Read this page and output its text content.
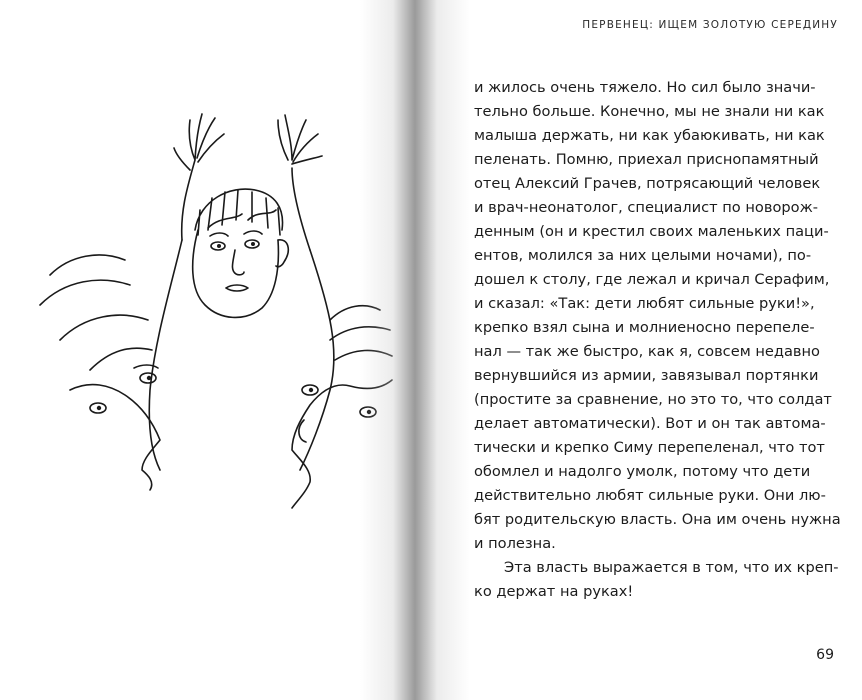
ПЕРВЕНЕЦ: ИЩЕМ ЗОЛОТУЮ СЕРЕДИНУ

и жилось очень тяжело. Но сил было значи-
тельно больше. Конечно, мы не знали ни как
малыша держать, ни как убаюкивать, ни как
пеленать. Помню, приехал приснопамятный
отец Алексий Грачев, потрясающий человек
и врач-неонатолог, специалист по новорож-
денным (он и крестил своих маленьких паци-
ентов, молился за них целыми ночами), по-
дошел к столу, где лежал и кричал Серафим,
и сказал: «Так: дети любят сильные руки!»,
крепко взял сына и молниеносно перепеле-
нал — так же быстро, как я, совсем недавно
вернувшийся из армии, завязывал портянки
(простите за сравнение, но это то, что солдат
делает автоматически). Вот и он так автома-
тически и крепко Симу перепеленал, что тот
обомлел и надолго умолк, потому что дети
действительно любят сильные руки. Они лю-
бят родительскую власть. Она им очень нужна
и полезна.

Эта власть выражается в том, что их креп-
ко держат на руках!

69
